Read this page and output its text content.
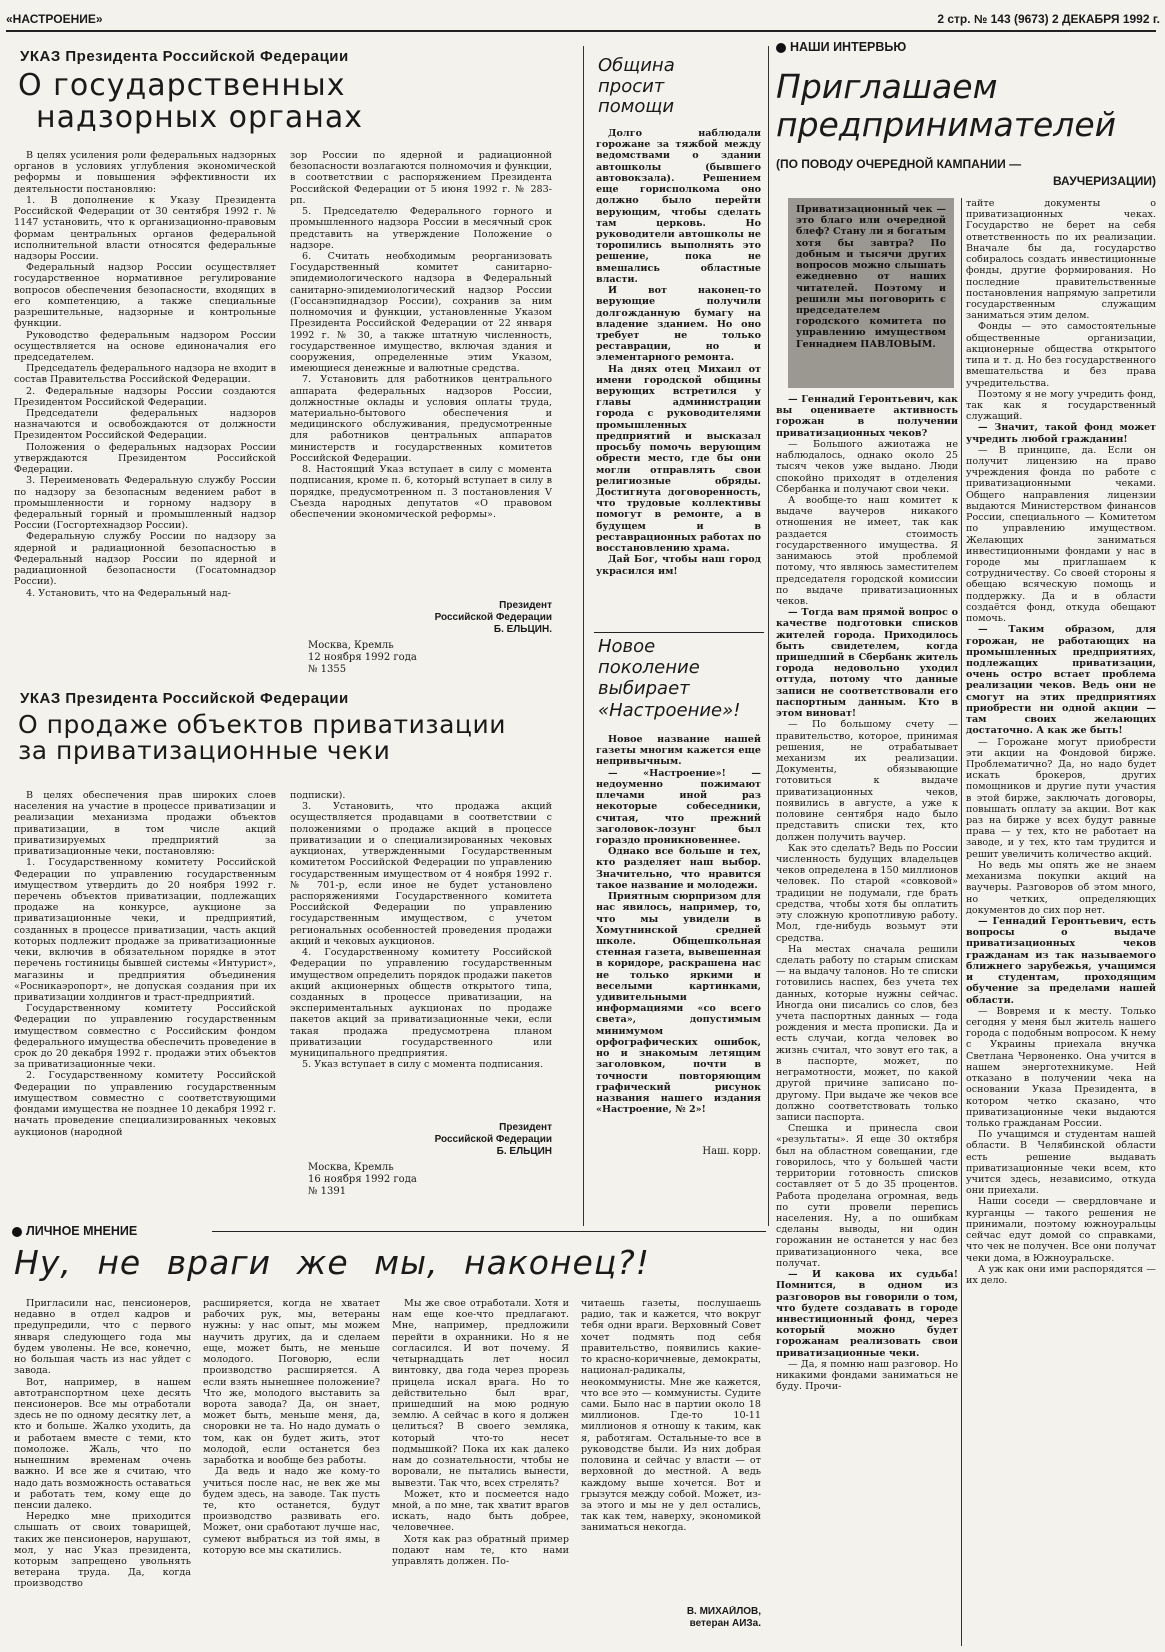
«НАСТРОЕНИЕ»	2 стр. № 143 (9673) 2 ДЕКАБРЯ 1992 г.
УКАЗ Президента Российской Федерации
О государственных
надзорных органах

В целях усиления роли федеральных надзорных органов в условиях углубления экономической реформы и повышения эффективности их деятельности постановляю:

1. В дополнение к Указу Президента Российской Федерации от 30 сентября 1992 г. № 1147 установить, что к организационно-правовым формам центральных органов федеральной исполнительной власти относятся федеральные надзоры России.

Федеральный надзор России осуществляет государственное нормативное регулирование вопросов обеспечения безопасности, входящих в его компетенцию, а также специальные разрешительные, надзорные и контрольные функции.

Руководство федеральным надзором России осуществляется на основе единоначалия его председателем.

Председатель федерального надзора не входит в состав Правительства Российской Федерации.

2. Федеральные надзоры России создаются Президентом Российской Федерации.

Председатели федеральных надзоров назначаются и освобождаются от должности Президентом Российской Федерации.

Положения о федеральных надзорах России утверждаются Президентом Российской Федерации.

3. Переименовать Федеральную службу России по надзору за безопасным ведением работ в промышленности и горному надзору в федеральный горный и промышленный надзор России (Госгортехнадзор России).

Федеральную службу России по надзору за ядерной и радиационной безопасностью в Федеральный надзор России по ядерной и радиационной безопасности (Госатомнадзор России).

4. Установить, что на Федеральный над-

зор России по ядерной и радиационной безопасности возлагаются полномочия и функции, в соответствии с распоряжением Президента Российской Федерации от 5 июня 1992 г. № 283-рп.

5. Председателю Федерального горного и промышленного надзора России в месячный срок представить на утверждение Положение о надзоре.

6. Считать необходимым реорганизовать Государственный комитет санитарно-эпидемиологического надзора в Федеральный санитарно-эпидемиологический надзор России (Госсанэпиднадзор России), сохранив за ним полномочия и функции, установленные Указом Президента Российской Федерации от 22 января 1992 г. № 30, а также штатную численность, государственное имущество, включая здания и сооружения, определенные этим Указом, имеющиеся денежные и валютные средства.

7. Установить для работников центрального аппарата федеральных надзоров России, должностные оклады и условия оплаты труда, материально-бытового обеспечения и медицинского обслуживания, предусмотренные для работников центральных аппаратов министерств и государственных комитетов Российской Федерации.

8. Настоящий Указ вступает в силу с момента подписания, кроме п. 6, который вступает в силу в порядке, предусмотренном п. 3 постановления V Съезда народных депутатов «О правовом обеспечении экономической реформы».

Президент
Российской Федерации
Б. ЕЛЬЦИН.
Москва, Кремль
12 ноября 1992 года
№ 1355
УКАЗ Президента Российской Федерации
О продаже объектов приватизации
за приватизационные чеки

В целях обеспечения прав широких слоев населения на участие в процессе приватизации и реализации механизма продажи объектов приватизации, в том числе акций приватизируемых предприятий за приватизационные чеки, постановляю:

1. Государственному комитету Российской Федерации по управлению государственным имуществом утвердить до 20 ноября 1992 г. перечень объектов приватизации, подлежащих продаже на конкурсе, аукционе за приватизационные чеки, и предприятий, созданных в процессе приватизации, часть акций которых подлежит продаже за приватизационные чеки, включив в обязательном порядке в этот перечень гостиницы бывшей системы «Интурист», магазины и предприятия объединения «Росникаэропорт», не допуская создания при их приватизации холдингов и траст-предприятий.

Государственному комитету Российской Федерации по управлению государственным имуществом совместно с Российским фондом федерального имущества обеспечить проведение в срок до 20 декабря 1992 г. продажи этих объектов за приватизационные чеки.

2. Государственному комитету Российской Федерации по управлению государственным имуществом совместно с соответствующими фондами имущества не позднее 10 декабря 1992 г. начать проведение специализированных чековых аукционов (народной

подписки).

3. Установить, что продажа акций осуществляется продавцами в соответствии с положениями о продаже акций в процессе приватизации и о специализированных чековых аукционах, утвержденными Государственным комитетом Российской Федерации по управлению государственным имуществом от 4 ноября 1992 г. № 701-р, если иное не будет установлено распоряжениями Государственного комитета Российской Федерации по управлению государственным имуществом, с учетом региональных особенностей проведения продажи акций и чековых аукционов.

4. Государственному комитету Российской Федерации по управлению государственным имуществом определить порядок продажи пакетов акций акционерных обществ открытого типа, созданных в процессе приватизации, на экспериментальных аукционах по продаже пакетов акций за приватизационные чеки, если такая продажа предусмотрена планом приватизации государственного или муниципального предприятия.

5. Указ вступает в силу с момента подписания.

Президент
Российской Федерации
Б. ЕЛЬЦИН
Москва, Кремль
16 ноября 1992 года
№ 1391
Община
просит
помощи

Долго наблюдали горожане за тяжбой между ведомствами о здании автошколы (бывшего автовокзала). Решением еще горисполкома оно должно было перейти верующим, чтобы сделать там церковь. Но руководители автошколы не торопились выполнять это решение, пока не вмешались областные власти.

И вот наконец-то верующие получили долгожданную бумагу на владение зданием. Но оно требует не только реставрации, но и элементарного ремонта.

На днях отец Михаил от имени городской общины верующих встретился у главы администрации города с руководителями промышленных предприятий и высказал просьбу помочь верующим обрести место, где бы они могли отправлять свои религиозные обряды. Достигнута договоренность, что трудовые коллективы помогут в ремонте, а в будущем и в реставрационных работах по восстановлению храма.

Дай Бог, чтобы наш город украсился им!

Новое
поколение
выбирает
«Настроение»!

Новое название нашей газеты многим кажется еще непривычным.

— «Настроение»! — недоуменно пожимают плечами иной раз некоторые собеседники, считая, что прежний заголовок-лозунг был гораздо проникновеннее.

Однако все больше и тех, кто разделяет наш выбор. Значительно, что нравится такое название и молодежи.

Приятным сюрпризом для нас явилось, например, то, что мы увидели в Хомутнинской средней школе. Общешкольная стенная газета, вывешенная в коридоре, раскрашена нас не только яркими и веселыми картинками, удивительными информациями «со всего света», допустимым минимумом орфографических ошибок, но и знакомым летящим заголовком, почти в точности повторяющим графический рисунок названия нашего издания «Настроение, № 2»!

Наш. корр.
НАШИ ИНТЕРВЬЮ
Приглашаем
предпринимателей
(ПО ПОВОДУ ОЧЕРЕДНОЙ КАМПАНИИ —
ВАУЧЕРИЗАЦИИ)
Приватизационный чек — это благо или очередной блеф? Стану ли я богатым хотя бы завтра? По добным и тысячи других вопросов можно слышать ежедневно от наших читателей. Поэтому и решили мы поговорить с председателем городского комитета по управлению имуществом Геннадием ПАВЛОВЫМ.

— Геннадий Геронтьевич, как вы оцениваете активность горожан в получении приватизационных чеков?

— Большого ажиотажа не наблюдалось, однако около 25 тысяч чеков уже выдано. Люди спокойно приходят в отделения Сбербанка и получают свои чеки.

А вообще-то наш комитет к выдаче ваучеров никакого отношения не имеет, так как раздается стоимость государственного имущества. Я занимаюсь этой проблемой потому, что являюсь заместителем председателя городской комиссии по выдаче приватизационных чеков.

— Тогда вам прямой вопрос о качестве подготовки списков жителей города. Приходилось быть свидетелем, когда пришедший в Сбербанк житель города недовольно уходил оттуда, потому что данные записи не соответствовали его паспортным данным. Кто в этом виноват!

— По большому счету — правительство, которое, принимая решения, не отрабатывает механизм их реализации. Документы, обязывающие готовиться к выдаче приватизационных чеков, появились в августе, а уже к половине сентября надо было представить списки тех, кто должен получить ваучер.

Как это сделать? Ведь по России численность будущих владельцев чеков определена в 150 миллионов человек. По старой «совковой» традиции не подумали, где брать средства, чтобы хотя бы оплатить эту сложную кропотливую работу. Мол, где-нибудь возьмут эти средства.

На местах сначала решили сделать работу по старым спискам — на выдачу талонов. Но те списки готовились наспех, без учета тех данных, которые нужны сейчас. Иногда они писались со слов, без учета паспортных данных — года рождения и места прописки. Да и есть случаи, когда человек во жизнь считал, что зовут его так, а в паспорте, может, по неграмотности, может, по какой другой причине записано по-другому. При выдаче же чеков все должно соответствовать только записи паспорта.

Спешка и принесла свои «результаты». Я еще 30 октября был на областном совещании, где говорилось, что у большей части территории готовность списков составляет от 5 до 35 процентов. Работа проделана огромная, ведь по сути провели перепись населения. Ну, а по ошибкам сделаны выводы, ни один горожанин не останется у нас без приватизационного чека, все получат.

— И какова их судьба! Помнится, в одном из разговоров вы говорили о том, что будете создавать в городе инвестиционный фонд, через который можно будет горожанам реализовать свои приватизационные чеки.

— Да, я помню наш разговор. Но никакими фондами заниматься не буду. Прочи-

тайте документы о приватизационных чеках. Государство не берет на себя ответственность по их реализации. Вначале бы да, государство собиралось создать инвестиционные фонды, другие формирования. Но последние правительственные постановления напрямую запретили государственным служащим заниматься этим делом.

Фонды — это самостоятельные общественные организации, акционерные общества открытого типа и т. д. Но без государственного вмешательства и без права учредительства.

Поэтому я не могу учредить фонд, так как я государственный служащий.

— Значит, такой фонд может учредить любой гражданин!

— В принципе, да. Если он получит лицензию на право учреждения фонда по работе с приватизационными чеками. Общего направления лицензии выдаются Министерством финансов России, специального — Комитетом по управлению имуществом. Желающих заниматься инвестиционными фондами у нас в городе мы приглашаем к сотрудничеству. Со своей стороны я обещаю всяческую помощь и поддержку. Да и в области создаётся фонд, откуда обещают помочь.

— Таким образом, для горожан, не работающих на промышленных предприятиях, подлежащих приватизации, очень остро встает проблема реализации чеков. Ведь они не смогут на этих предприятиях приобрести ни одной акции — там своих желающих достаточно. А как же быть!

— Горожане могут приобрести эти акции на Фондовой бирже. Проблематично? Да, но надо будет искать брокеров, других помощников и другие пути участия в этой бирже, заключать договоры, повышать оплату за акции. Вот как раз на бирже у всех будут равные права — у тех, кто не работает на заводе, и у тех, кто там трудится и решит увеличить количество акций.

Но ведь мы опять же не знаем механизма покупки акций на ваучеры. Разговоров об этом много, но четких, определяющих документов до сих пор нет.

— Геннадий Геронтьевич, есть вопросы о выдаче приватизационных чеков гражданам из так называемого ближнего зарубежья, учащимся и студентам, проходящим обучение за пределами нашей области.

— Вовремя и к месту. Только сегодня у меня был житель нашего города с подобным вопросом. К нему с Украины приехала внучка Светлана Червоненко. Она учится в нашем энерготехникуме. Ней отказано в получении чека на основании Указа Президента, в котором четко сказано, что приватизационные чеки выдаются только гражданам России.

По учащимся и студентам нашей области. В Челябинской области есть решение выдавать приватизационные чеки всем, кто учится здесь, независимо, откуда они приехали.

Наши соседи — свердловчане и курганцы — такого решения не принимали, поэтому южноуральцы сейчас едут домой со справками, что чек не получен. Все они получат чеки дома, в Южноуральске.

А уж как они ими распорядятся — их дело.

ЛИЧНОЕ МНЕНИЕ
Ну, не враги же мы, наконец?!

Пригласили нас, пенсионеров, недавно в отдел кадров и предупредили, что с первого января следующего года мы будем уволены. Не все, конечно, но большая часть из нас уйдет с завода.

Вот, например, в нашем автотранспортном цехе десять пенсионеров. Все мы отработали здесь не по одному десятку лет, а кто и больше. Жалко уходить, да и работаем вместе с теми, кто помоложе. Жаль, что по нынешним временам очень важно. И все же я считаю, что надо дать возможность оставаться и работать тем, кому еще до пенсии далеко.

Нередко мне приходится слышать от своих товарищей, таких же пенсионеров, нарушают, мол, у нас Указ президента, которым запрещено увольнять ветерана труда. Да, когда производство

расширяется, когда не хватает рабочих рук, мы, ветераны нужны: у нас опыт, мы можем научить других, да и сделаем еще, может быть, не меньше молодого. Поговорю, если производство расширяется. А если взять нынешнее положение? Что же, молодого выставить за ворота завода? Да, он знает, может быть, меньше меня, да, сноровки не та. Но надо думать о том, как он будет жить, этот молодой, если останется без заработка и вообще без работы.

Да ведь и надо же кому-то учиться после нас, не век же мы будем здесь, на заводе. Так пусть те, кто останется, будут производство развивать его. Может, они сработают лучше нас, сумеют выбраться из той ямы, в которую все мы скатились.

Мы же свое отработали. Хотя и нам еще кое-что предлагают. Мне, например, предложили перейти в охранники. Но я не согласился. И вот почему. Я четырнадцать лет носил винтовку, два года через прорезь прицела искал врага. Но то действительно был враг, пришедший на мою родную землю. А сейчас в кого я должен целиться? В своего земляка, который что-то несет подмышкой? Пока их как далеко нам до сознательности, чтобы не воровали, не пытались вынести, вывезти. Так что, всех стрелять?

Может, кто и посмеется надо мной, а по мне, так хватит врагов искать, надо быть добрее, человечнее.

Хотя как раз обратный пример подают нам те, кто нами управлять должен. По-

читаешь газеты, послушаешь радио, так и кажется, что вокруг тебя одни враги. Верховный Совет хочет подмять под себя правительство, появились какие-то красно-коричневые, демократы, национал-радикалы, неокоммунисты. Мне же кажется, что все это — коммунисты. Судите сами. Было нас в партии около 18 миллионов. Где-то 10-11 миллионов я отношу к таким, как я, работягам. Остальные-то все в руководстве были. Из них добрая половина и сейчас у власти — от верховной до местной. А ведь каждому выше хочется. Вот и грызутся между собой. Может, из-за этого и мы не у дел остались, так как тем, наверху, экономикой заниматься некогда.

В. МИХАЙЛОВ,
ветеран АИЗа.
